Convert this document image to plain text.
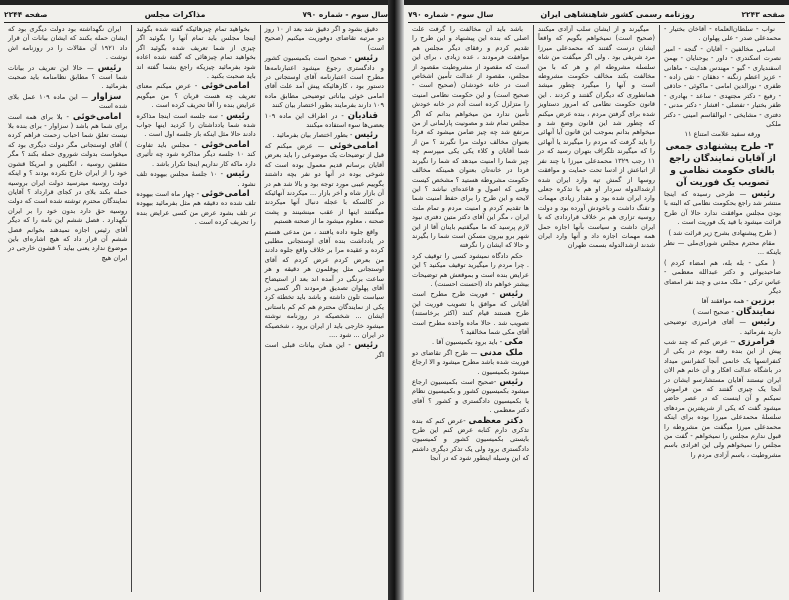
صفحه ۲۲۴۳
روزنامه رسمی کشور شاهنشاهی ایران
سال سوم - شماره ۷۹۰

نواب - سلطان‌العلماء - آقاخان بختیار - محمدعلی صدر - علی پهلوان .

اسامی مخالفین - آقایان - گنجه - امیر نصرت اسکندری - داور - یوحنایان - بهمن اسفندیاری - گیو - مهندس هدایت - ماهانی - عزیز اعظم زنگنه - دهقان - تقی زاده - ظفری - نورالدین امامی - ماکوئی - حاذقی - رفیع - دکتر مجتهدی - ساعد - بهادری - ظفر بختیار - تفضلی - افشار - دکتر مدنی - دفتری - مشایخی - ابوالقاسم امینی - دکتر ملکی

ورقه سفید علامت امتناع ۱۱

۳- طرح پیشنهادی جمعی از آقایان نمایندگان راجع بالغای حکومت نظامی و تصویب یک فوریت آن

رئیس — طرحی رسیده که اینجا منتشر شد راجع بحکومت نظامی که البته با بودن مجلس موافقت ندارد حالا آن طرح قرائت میشود با قید یک فوریت است .

( طرح پیشنهادی بشرح زیر قرائت شد )

مقام محترم مجلس شورای‌ملی — نظر باینکه ...

( مکی - بله بله، هم امضاء کردم ) صاحبدیوانی و دکتر عبدالله معظمی - عباس ترکی - ملک مدنی و چند نفر امضای دیگر

برزین - همه موافقند آقا

نمایندگان - صحیح است )

رئیس — آقای فرامرزی توضیحی دارید بفرمائید .

فرامرزی -- عرض کنم که چند شب پیش از این بنده رفته بودم در یکی از کنفرانسها یک خانمی آنجا کنفرانس میداد در باشگاه عدالت افکار و آن خانم هم الان ایران نیستند آقایان مستشارسو ایشان در آنجا یک چیزی گفتند که من فراموش نمیکنم و آن اینست که در عصر حاضر میشود گفت که یکی از شریفترین مردهای سلسلهٔ محمدعلی میرزا بوده برای اینکه محمدعلی میرزا میگفت من مشروطه را قبول ندارم مجلس را نمیخواهم - گفت من مجلس را نمیخواهم ولی این افرادی باسم مشروطیت ، باسم آزادی مردم را

میگیرند و از ایشان سلب آزادی میکنند (صحیح است) نمیخواهم بگویم که واقعاً ایشان درست گفتند که محمدعلی میرزا مرد شریفی بود . ولی اگر میگفت من شاه سلسله مشروطه ام و هر که با من مخالفت بکند مخالف حکومت مشروطه است و آنها را میگیرد چطور میشد همانطوری که دیگران گفتند و کردند . این قانون حکومت نظامی که امروز دستاویز شده برای گرفتن مردم ، بنده عرض میکنم که چطور شد این قانون وضع شد و میخواهم بدانم بموجب این قانون آیا آنهائی را باید گرفت که مردم را میگیرند یا آنهائی را که میگیرند تلگراف بتهران رسید که در ۱۱ رجب ۱۳۲۹ محمدعلی میرزا با چند نفر از اتباعش از ادسا تحت حمایت و موافقت روسها از گمش تپه وارد ایران شده ارشدالدوله سردار او هم با تذکره جعلی وارد ایران شده بود و مقدار زیادی مهمات و تفنگ داشت و باخودش آورده بود و دولت روسیه تزاری هم بر خلاف قراردادی که با ایران داشت و سیاست بآنها اجازه حمل همه مهمات اجازه داد و آنها وارد ایران شدند ارشدالدوله بسمت طهران

باشد باید آن مخالفت را گرفت علت اصلی که بنده این پیشنهاد و این طرح را تقدیم کردم و رفقای دیگر مجلس هم موافقت فرمودند ، عده زیادی ، برای این است که مقصود از مشروطیت مقصود از مجلس، مقصود از عدالت تأمین اشخاص است در خانه خودشان (صحیح است - صحیح است) و این حکومت نظامی امنیت را متزلزل کرده است آدم در خانه خودش تأمین ندارد من میخواهم بدانم که اگر مجلس تمام شد و مصونیت پارلمانی از من مرتفع شد چه چیز ضامن میشود که فردا بعنوان مخالف دولت مرا نگیرند ؟ من از شما آقایان و کلاء یکی یکی میپرسم چه چیز شما را امنیت میدهد که شما را نگیرند فردا در خانه‌تان بعنوان همینکه مخالف حکومت مشروطه هستید ؟ مشخص کیست وقتی که اصول و قاعده‌ای نباشد ؟ این لایحه و این طرح را برای حفظ امنیت شما ها تقدیم کردم و امنیت مردم و تمام ملت ایران ، مگر این آقای دکتر متین دفتری نبود لازم پرسید که ما میگفتیم باینان آقا از این شهر برو بیرون مسکن است شما را بگیرند و حالا که ایشان را نگرفته

حکم دادگاه نمیشود کسی را توقیف کرد . چرا مردم را میگیرید توقیف میکنید ؟ این عرایض بنده است و بموقعش هم توضیحات بیشتر خواهم داد (احسنت احسنت) .

رئیس - فوریت طرح مطرح است آقایانی که موافق با تصویب فوریت این طرح هستند قیام کنند (اکثر برخاستند) تصویب شد . حالا ماده واحده مطرح است آقای مکی شما مخالفید ؟

مکی - باید برود بکمیسیون آقا .

ملک مدنی — طرح اگر تقاضای دو فوریت شده باشد مطرح میشود و الا ارجاع میشود بکمیسیون .

رئیس -صحیح است بکمیسیون ارجاع میشود بکمیسیون کشور و بکمیسیون نظام یا بکمیسیون دادگستری و کشور ؟ آقای دکتر معظمی .

دکتر معظمی -عرض کنم که بنده تذکری دارم کنابه عرض کنم این طرح بایستی بکمیسیون کشور و کمیسیون دادگستری برود ولی یک تذکر دیگری داشتم که این وسیله اینطور شود که در آنجا

سال سوم - شماره ۷۹۰
مذاکرات مجلس
صفحه ۲۲۴۴

دقیق بشود و اگر دقیق شد بعد از ۱۰ روز دو مرتبه تقاضای دوفوریت میکنیم (صحیح است)

رئیس - صحیح است بکمیسیون کشور و دادگستری رجوع میشود اعتبارنامه‌ها مطرح است اعتبارنامه آقای اوستجانی در دستور بود ، کارهائیکه پیش آمد علت آقای امامی خوئی بیاناتی توضیحی مطابق ماده ۱۰۹ دارند بفرمایند بطور اختصار بیان کنند

قنادیان - در اطراف این ماده ۱۰۹ بعضی‌ها سوء استفاده میکنند

رئیس - بطور اختصار بیان بفرمائید .

امامی‌خوئی — عرض میکنم که قبل از توضیحات یک موضوعی را باید بعرض آقایان برسانم قدیم معمول بوده است که شوخی بوده در آنها دو نفر بچه داشتند بگوییم عیبی مورد توجه بود و بالا شد هم در آن بازار شاه و آخر بازار ... میکردند آنهائیکه در کالسکه با عجله دنبال آنها میکردند میگفتند اینها از عقب مینشینند و پشت صحنه ، معلوم میشود ما از صحنه هستیم

واقع جلوه داده یافتند ، من مدعی هستم در یادداشت بنده آقای اوستجانی مطلبی کرده و عقیده مرا بر خلاف واقع جلوه دادند من بعرض کردم عرض کردم که آقای اوستجانی مثل پوقلمون هر دقیقه و هر ساعت برنگی در آمده اند بعد از استیضاح آقای پهلوان تصدیق فرمودند اگر کسی در سیاست تلون داشته و باشد باید تخطئه کرد یکی از نمایندگان محترم هم کم کم باستانی ایشان ... شخصیکه در روزنامه نوشته میشود خارجی باید از ایران برود ، شخصیکه در ایران ... شود ....

رئیس - این همان بیانات قبلی است اگر

بخواهید تمام چیزهائیکه گفته شده بگوئید اینجا مجلس باید تمام آنها را بگوئید اگر چیزی از شما تعریف شده بگوئید اگر بخواهید تمام چیزهائی که گفته شده اعاده شود بفرمائید چیزیکه راجع بشما گفته اند باید صحبت بکنید .

امامی‌خوئی - عرض میکنم معنای تعریف چه هست قربان ؟ من میگویم عرایض بنده را آقا تحریف کرده است .

رئیس - سه جلسه است اینجا مذاکره شده شما یادداشتان را کردید اینها جواب دادند حالا مثل اینکه باز جلسه اول است .

امامی‌خوئی - مجلس باید تفاوت کند ۱۰ جلسه دیگر مذاکره شود چه تأثیری دارد ماکه کار نداریم اینجا تکرار باشد .

رئیس - ۱۰ جلسهٔ مجلس بیهوده تلف نشود .

امامی‌خوئی - چهار ماه است بیهوده تلف شده ده دقیقه هم مثل بفرمائید بیهوده تر تلف بشود عرض من کسی عرایض بنده را تحریف کرده است .

ایران نگهداشته بود دولت دیگری بود که ایشان حمله بکنند که ایشان بیانات آن قرار داد ۱۹۲۱ آن مقالات را در روزنامه اش نوشت .

رئیس — حالا این تعریف در بیانات شما است ؟ مطابق نظامنامه باید صحبت بفرمائید .

سزاوار — این ماده ۱۰۹ عمل بلای شده است

امامی‌خوئی - بلا برای همه است برای شما هم باشد ( سزاوار - برای بنده بلا نیست تعلق شما احباب زحمت فراهم کرده ) آقای اوستجانی مگر دولت دیگری بود که میخواست بدولت شوروی حمله بکند ؟ مگر متفقین روسیه ، انگلیس و امریکا قشون خود را از ایران خارج نکرده بودند ؟ و اینکه دولت روسیه میترسید دولت ایران بروسیه حمله بکند بلای در کجای قرارداد ؟ آقایان نمایندگان محترم توشته شده است که دولت روسیه حق دارد بدون خود را بر ایران نگهدارد . فصل ششم این نامه را که دیگر آقای رئیس اجازه نمیدهند بخوانم فصل ششم آن قرار داد که هیچ اشاره‌ای باین موضوع ندارد یعنی بیاید ؟ قشون خارجی در ایران هیچ
